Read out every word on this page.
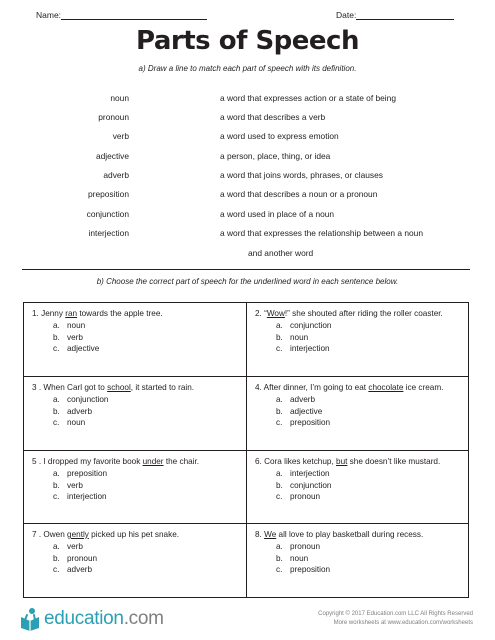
Name:	Date:
Parts of Speech
a) Draw a line to match each part of speech with its definition.
noun	a word that expresses action or a state of being
pronoun	a word that describes a verb
verb	a word used to express emotion
adjective	a person, place, thing, or idea
adverb	a word that joins words, phrases, or clauses
preposition	a word that describes a noun or a pronoun
conjunction	a word used in place of a noun
interjection	a word that expresses the relationship between a noun
and another word
b) Choose the correct part of speech for the underlined word in each sentence below.
1. Jenny ran towards the apple tree.
a. noun
b. verb
c. adjective
2. “Wow!” she shouted after riding the roller coaster.
a. conjunction
b. noun
c. interjection
3 . When Carl got to school, it started to rain.
a. conjunction
b. adverb
c. noun
4. After dinner, I’m going to eat chocolate ice cream.
a. adverb
b. adjective
c. preposition
5 . I dropped my favorite book under the chair.
a. preposition
b. verb
c. interjection
6. Cora likes ketchup, but she doesn’t like mustard.
a. interjection
b. conjunction
c. pronoun
7 . Owen gently picked up his pet snake.
a. verb
b. pronoun
c. adverb
8. We all love to play basketball during recess.
a. pronoun
b. noun
c. preposition
education.com	Copyright © 2017 Education.com LLC All Rights Reserved
More worksheets at www.education.com/worksheets
